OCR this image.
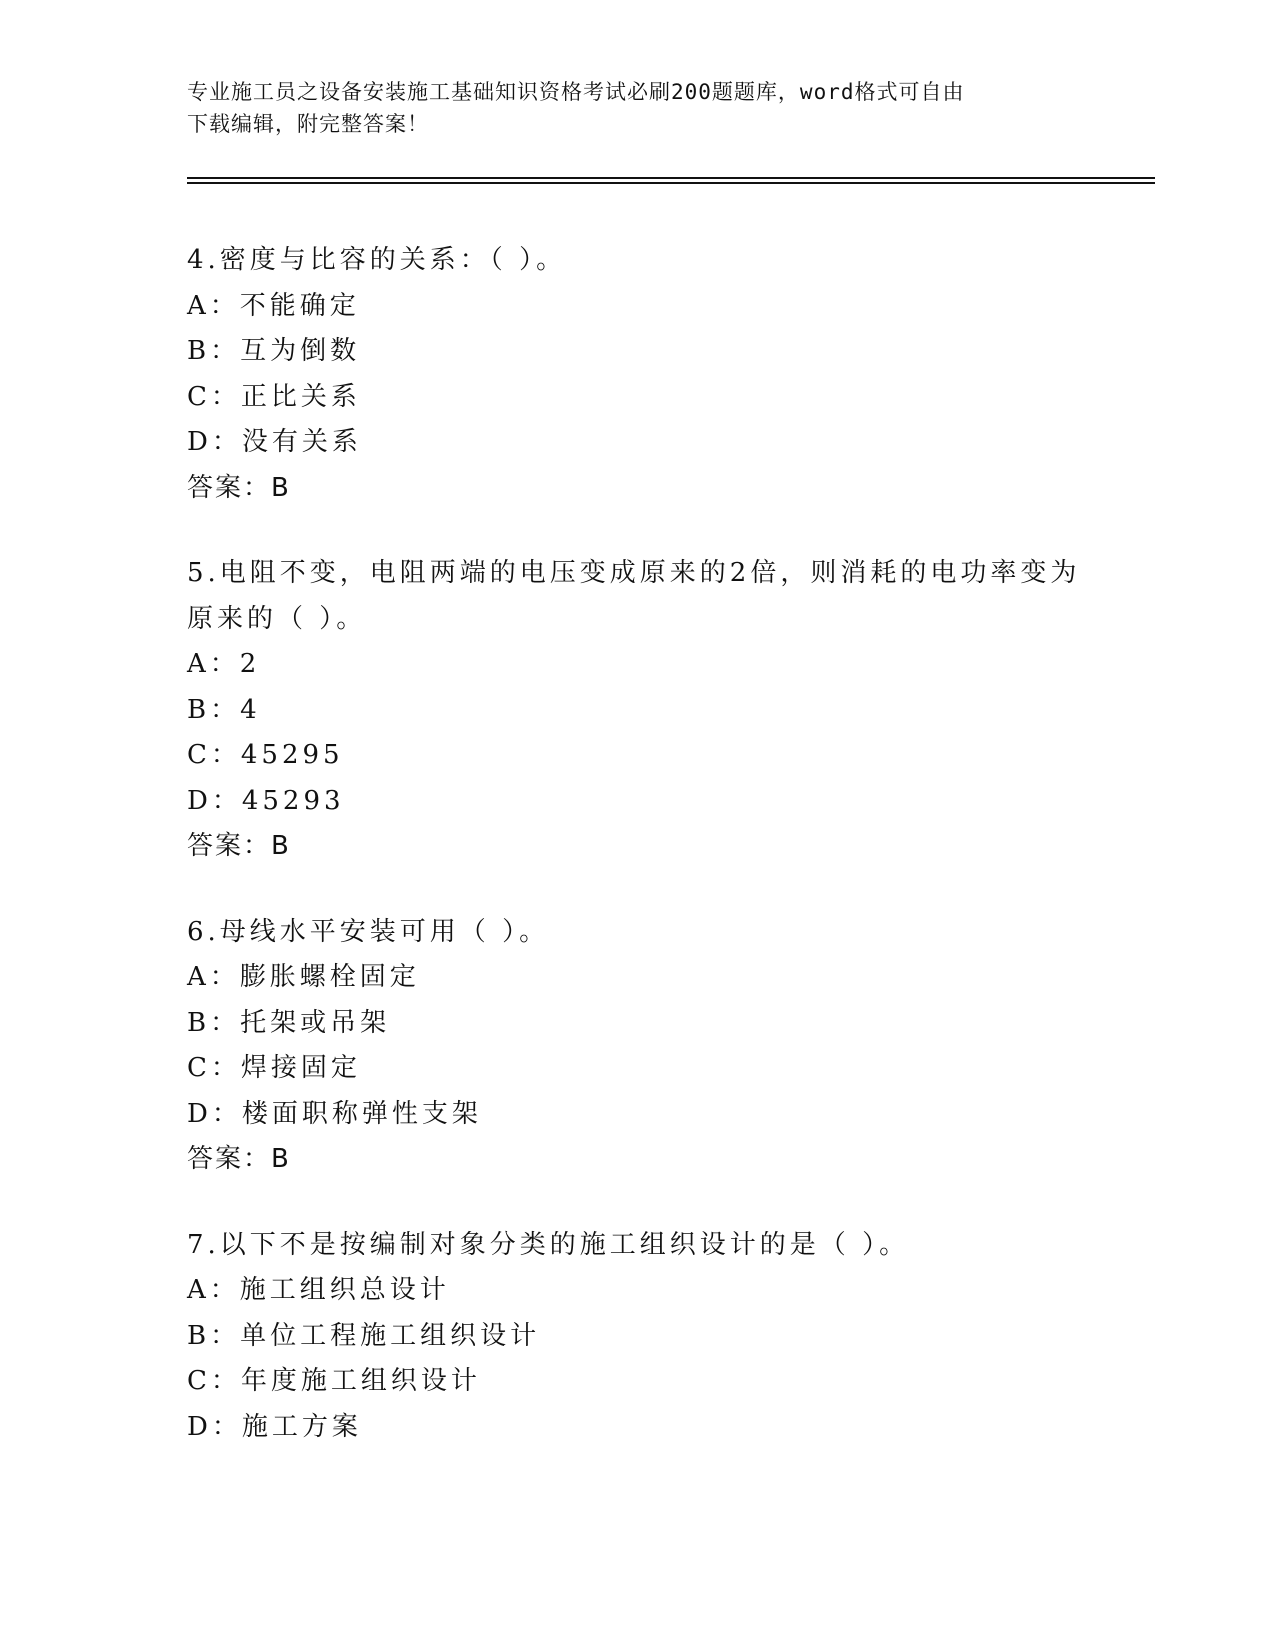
专业施工员之设备安装施工基础知识资格考试必刷200题题库，word格式可自由
下载编辑，附完整答案！
4.密度与比容的关系：（ ）。
A：不能确定
B：互为倒数
C：正比关系
D：没有关系
答案：B
5.电阻不变，电阻两端的电压变成原来的2倍，则消耗的电功率变为
原来的（ ）。
A：2
B：4
C：45295
D：45293
答案：B
6.母线水平安装可用（ ）。
A：膨胀螺栓固定
B：托架或吊架
C：焊接固定
D：楼面职称弹性支架
答案：B
7.以下不是按编制对象分类的施工组织设计的是（ ）。
A：施工组织总设计
B：单位工程施工组织设计
C：年度施工组织设计
D：施工方案
